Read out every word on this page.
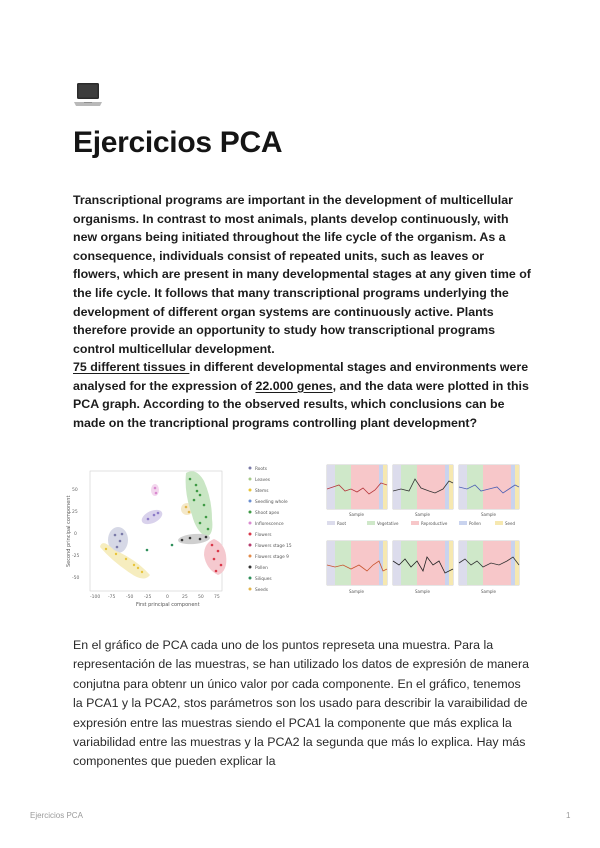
Ejercicios PCA

Transcriptional programs are important in the development of multicellular organisms. In contrast to most animals, plants develop continuously, with new organs being initiated throughout the life cycle of the organism. As a consequence, individuals consist of repeated units, such as leaves or flowers, which are present in many developmental stages at any given time of the life cycle. It follows that many transcriptional programs underlying the development of different organ systems are continuously active. Plants therefore provide an opportunity to study how transcriptional programs control multicellular development.

75 different tissues in different developmental stages and environments were analysed for the expression of 22.000 genes, and the data were plotted in this PCA graph. According to the observed results, which conclusions can be made on the trancriptional programs controlling plant development?

50
25
0
-25
-50
-100 -75 -50 -25	0	25 50 75
First principal component
Second principal component
Roots
Leaves
Stems
Seedling whole
Shoot apex
Inflorescence
Flowers
Flowers stage 15
Flowers stage 9
Pollen
Siliques
Seeds
Sample	Sample	Sample
Root	Vegetative	Reproductive	Pollen	Seed
Sample	Sample	Sample

En el gráfico de PCA cada uno de los puntos represeta una muestra. Para la representación de las muestras, se han utilizado los datos de expresión de manera conjutna para obtenr un único valor por cada componente. En el gráfico, tenemos la PCA1 y la PCA2, stos parámetros son los usado para describir la varaibilidad de expresión entre las muestras siendo el PCA1 la componente que más explica la variabilidad entre las muestras y la PCA2 la segunda que más lo explica. Hay más componentes que pueden explicar la

Ejercicios PCA	1
